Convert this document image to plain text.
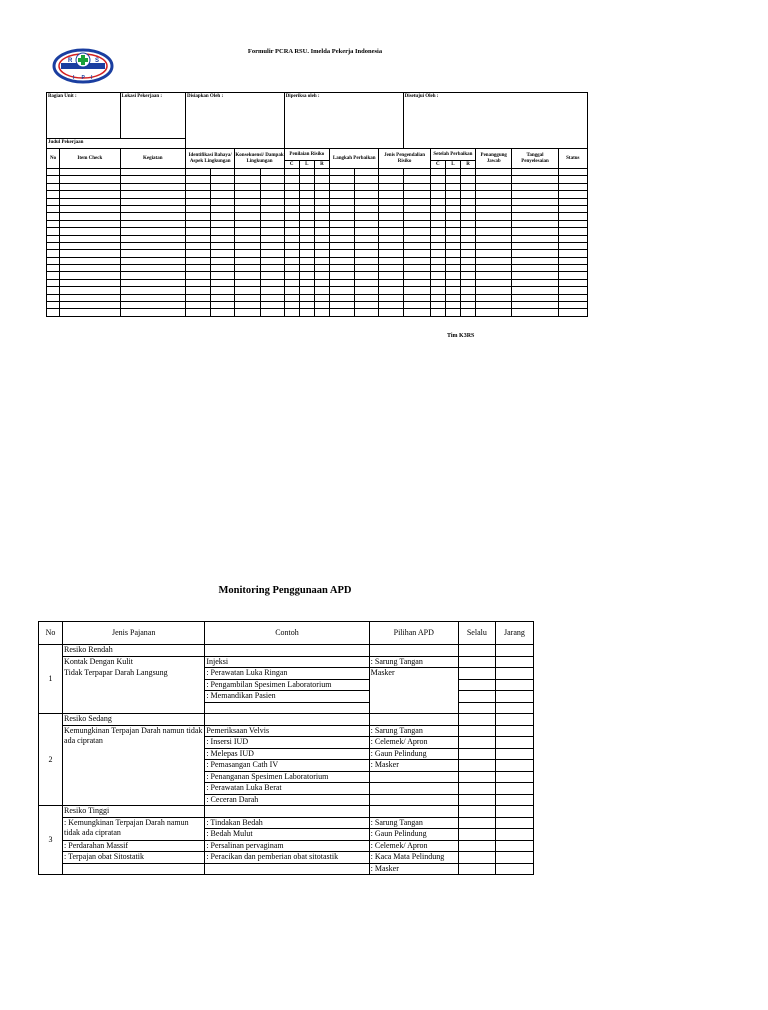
R	S
I P I
Formulir PCRA RSU. Imelda Pekerja Indonesia
Bagian Unit :		Lokasi Pekerjaan :	Disiapkan Oleh :				Diperiksa oleh :						Disetujui Oleh :						
Judul Pekerjaan																			
No	Item Check	Kegiatan	Identifikasi Bahaya/ Aspek Lingkungan		Konsekuensi/ Dampak Lingkungan		Penilaian Risiko			Langkah Perbaikan		Jenis Pengendalian Risiko		Setelah Perbaikan			Penanggung Jawab	Tanggal Penyelesaian	Status
							C	L	R					C	L	R			

Tim K3RS
Monitoring Penggunaan APD
No	Jenis Pajanan	Contoh	Pilihan APD	Selalu	Jarang
1	Resiko Rendah				
	Kontak Dengan Kulit	Injeksi	: Sarung Tangan		
	Tidak Terpapar Darah Langsung	: Perawatan Luka Ringan	Masker		
		: Pengambilan Spesimen Laboratorium			
		: Memandikan Pasien			

2	Resiko Sedang				
	Kemungkinan Terpajan Darah namun tidak ada cipratan	Pemeriksaan Velvis	: Sarung Tangan		
		: Insersi IUD	: Celemek/ Apron		
		: Melepas IUD	: Gaun Pelindung		
		: Pemasangan Cath IV	: Masker		
		: Penanganan Spesimen Laboratorium			
		: Perawatan Luka Berat			
		: Ceceran Darah			
3	Resiko Tinggi				
	: Kemungkinan Terpajan Darah namun tidak ada cipratan	: Tindakan Bedah	: Sarung Tangan		
		: Bedah Mulut	: Gaun Pelindung		
	: Perdarahan Massif	: Persalinan pervaginam	: Celemek/ Apron		
	: Terpajan obat Sitostatik	: Peracikan dan pemberian obat sitotastik	: Kaca Mata Pelindung		
			: Masker		
